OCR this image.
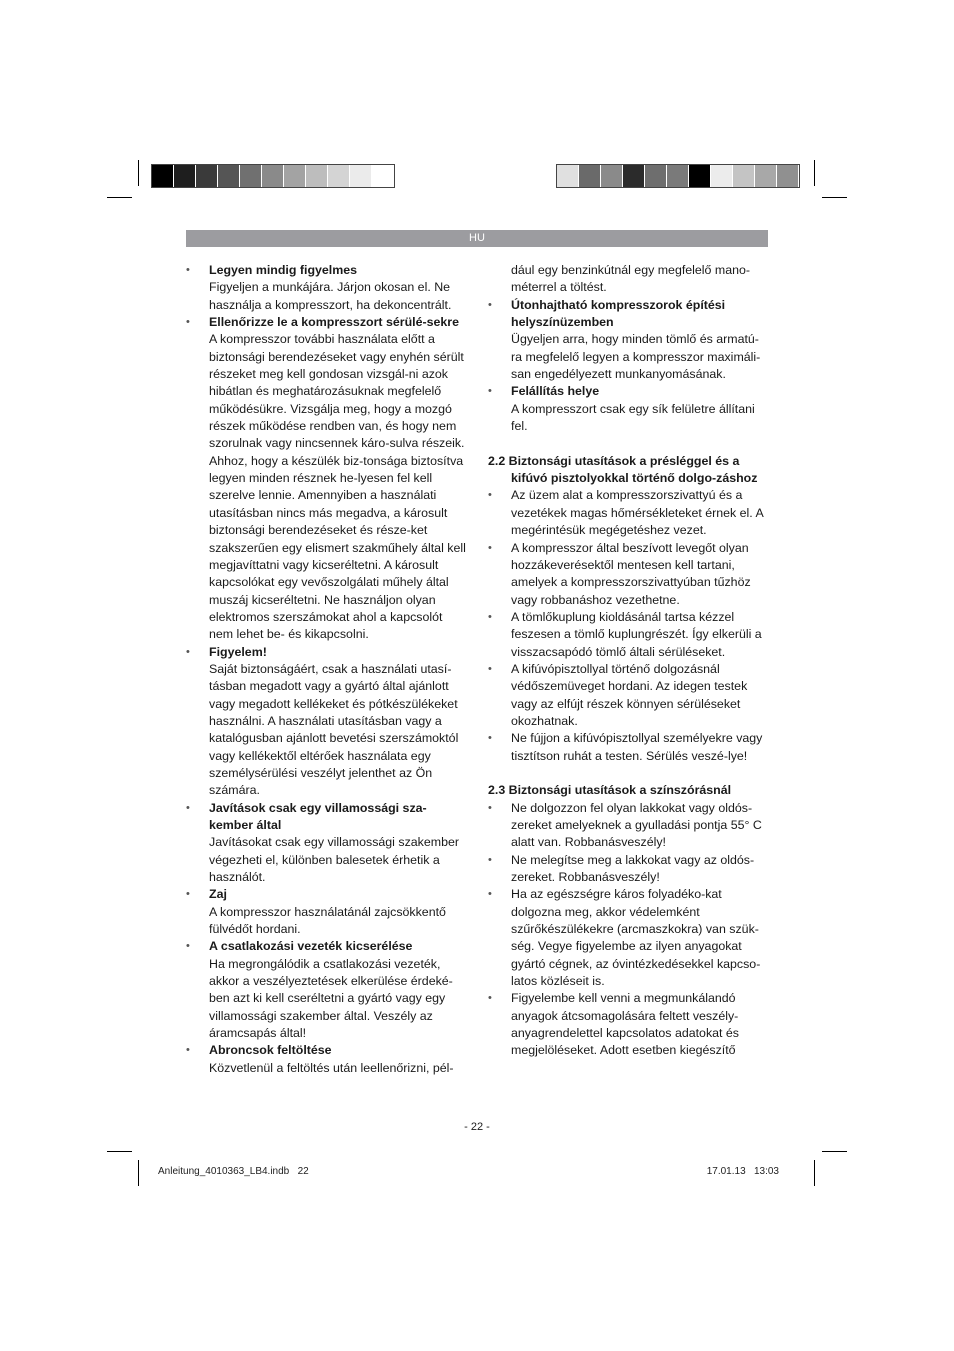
HU

• Legyen mindig figyelmes

Figyeljen a munkájára. Járjon okosan el. Ne használja a kompresszort, ha dekoncentrált.

• Ellenőrizze le a kompresszort sérülé-sekre

A kompresszor további használata előtt a biztonsági berendezéseket vagy enyhén sérült részeket meg kell gondosan vizsgál-ni azok hibátlan és meghatározásuknak megfelelő működésükre. Vizsgálja meg, hogy a mozgó részek működése rendben van, és hogy nem szorulnak vagy nincsennek káro-sulva részeik. Ahhoz, hogy a készülék biz-tonsága biztosítva legyen minden résznek he-lyesen fel kell szerelve lennie. Amennyiben a használati utasításban nincs más megadva, a károsult biztonsági berendezéseket és része-ket szakszerűen egy elismert szakműhely által kell megjavíttatni vagy kicseréltetni. A károsult kapcsolókat egy vevőszolgálati műhely által muszáj kicseréltetni. Ne használjon olyan elektromos szerszámokat ahol a kapcsolót nem lehet be- és kikapcsolni.

• Figyelem!

Saját biztonságáért, csak a használati utasí-tásban megadott vagy a gyártó által ajánlott vagy megadott kellékeket és pótkészülékeket használni. A használati utasításban vagy a katalógusban ajánlott bevetési szerszámoktól vagy kellékektől eltérőek használata egy személysérülési veszélyt jelenthet az Ön számára.

• Javítások csak egy villamossági sza-kember által

Javításokat csak egy villamossági szakember végezheti el, különben balesetek érhetik a használót.

• Zaj

A kompresszor használatánál zajcsökkentő fülvédőt hordani.

• A csatlakozási vezeték kicserélése

Ha megrongálódik a csatlakozási vezeték, akkor a veszélyeztetések elkerülése érdeké-ben azt ki kell cseréltetni a gyártó vagy egy villamossági szakember által. Veszély az áramcsapás által!

• Abroncsok feltöltése

Közvetlenül a feltöltés után leellenőrizni, pél-

dául egy benzinkútnál egy megfelelő mano-méterrel a töltést.

• Útonhajtható kompresszorok építési helyszínüzemben

Ügyeljen arra, hogy minden tömlő és armatú-ra megfelelő legyen a kompresszor maximáli-san engedélyezett munkanyomásának.

• Felállítás helye

A kompresszort csak egy sík felületre állítani fel.

2.2 Biztonsági utasítások a présléggel és a kifúvó pisztolyokkal történő dolgo-záshoz

• Az üzem alat a kompresszorszivattyú és a vezetékek magas hőmérsékleteket érnek el. A megérintésük megégetéshez vezet.
• A kompresszor által beszívott levegőt olyan hozzákeverésektől mentesen kell tartani, amelyek a kompresszorszivattyúban tűzhöz vagy robbanáshoz vezethetne.
• A tömlőkuplung kioldásánál tartsa kézzel feszesen a tömlő kuplungrészét. Így elkerüli a visszacsapódó tömlő általi sérüléseket.
• A kifúvópisztollyal történő dolgozásnál védőszemüveget hordani. Az idegen testek vagy az elfújt részek könnyen sérüléseket okozhatnak.
• Ne fújjon a kifúvópisztollyal személyekre vagy tisztítson ruhát a testen. Sérülés veszé-lye!

2.3 Biztonsági utasítások a színszórásnál

• Ne dolgozzon fel olyan lakkokat vagy oldós-zereket amelyeknek a gyulladási pontja 55° C alatt van. Robbanásveszély!
• Ne melegítse meg a lakkokat vagy az oldós-zereket. Robbanásveszély!
• Ha az egészségre káros folyadéko-kat dolgozna meg, akkor védelemként szűrőkészülékekre (arcmaszkokra) van szük-ség. Vegye figyelembe az ilyen anyagokat gyártó cégnek, az óvintézkedésekkel kapcso-latos közléseit is.
• Figyelembe kell venni a megmunkálandó anyagok átcsomagolására feltett veszély-anyagrendelettel kapcsolatos adatokat és megjelöléseket. Adott esetben kiegészítő
- 22 -
Anleitung_4010363_LB4.indb   22	17.01.13   13:03
